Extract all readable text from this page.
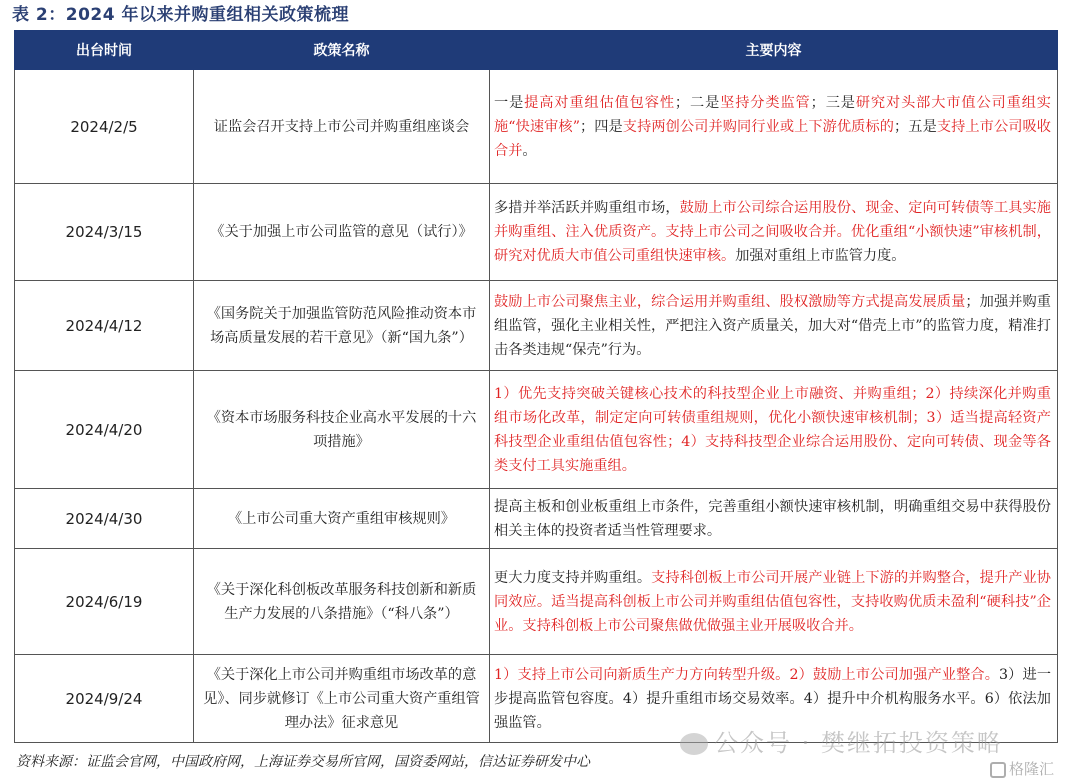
表 2：2024 年以来并购重组相关政策梳理
出台时间	政策名称	主要内容
2024/2/5	证监会召开支持上市公司并购重组座谈会	一是提高对重组估值包容性；二是坚持分类监管；三是研究对头部大市值公司重组实施“快速审核”；四是支持两创公司并购同行业或上下游优质标的；五是支持上市公司吸收合并。
2024/3/15	《关于加强上市公司监管的意见（试行）》	多措并举活跃并购重组市场，鼓励上市公司综合运用股份、现金、定向可转债等工具实施并购重组、注入优质资产。支持上市公司之间吸收合并。优化重组“小额快速”审核机制，研究对优质大市值公司重组快速审核。加强对重组上市监管力度。
2024/4/12	《国务院关于加强监管防范风险推动资本市场高质量发展的若干意见》（新“国九条”）	鼓励上市公司聚焦主业，综合运用并购重组、股权激励等方式提高发展质量；加强并购重组监管，强化主业相关性，严把注入资产质量关，加大对“借壳上市”的监管力度，精准打击各类违规“保壳”行为。
2024/4/20	《资本市场服务科技企业高水平发展的十六项措施》	1）优先支持突破关键核心技术的科技型企业上市融资、并购重组；2）持续深化并购重组市场化改革，制定定向可转债重组规则，优化小额快速审核机制；3）适当提高轻资产科技型企业重组估值包容性；4）支持科技型企业综合运用股份、定向可转债、现金等各类支付工具实施重组。
2024/4/30	《上市公司重大资产重组审核规则》	提高主板和创业板重组上市条件，完善重组小额快速审核机制，明确重组交易中获得股份相关主体的投资者适当性管理要求。
2024/6/19	《关于深化科创板改革服务科技创新和新质生产力发展的八条措施》（“科八条”）	更大力度支持并购重组。支持科创板上市公司开展产业链上下游的并购整合，提升产业协同效应。适当提高科创板上市公司并购重组估值包容性，支持收购优质未盈利“硬科技”企业。支持科创板上市公司聚焦做优做强主业开展吸收合并。
2024/9/24	《关于深化上市公司并购重组市场改革的意见》、同步就修订《上市公司重大资产重组管理办法》征求意见	1）支持上市公司向新质生产力方向转型升级。2）鼓励上市公司加强产业整合。3）进一步提高监管包容度。4）提升重组市场交易效率。4）提升中介机构服务水平。6）依法加强监管。
资料来源：证监会官网，中国政府网，上海证券交易所官网，国资委网站，信达证券研发中心
公众号 · 樊继拓投资策略
格隆汇
